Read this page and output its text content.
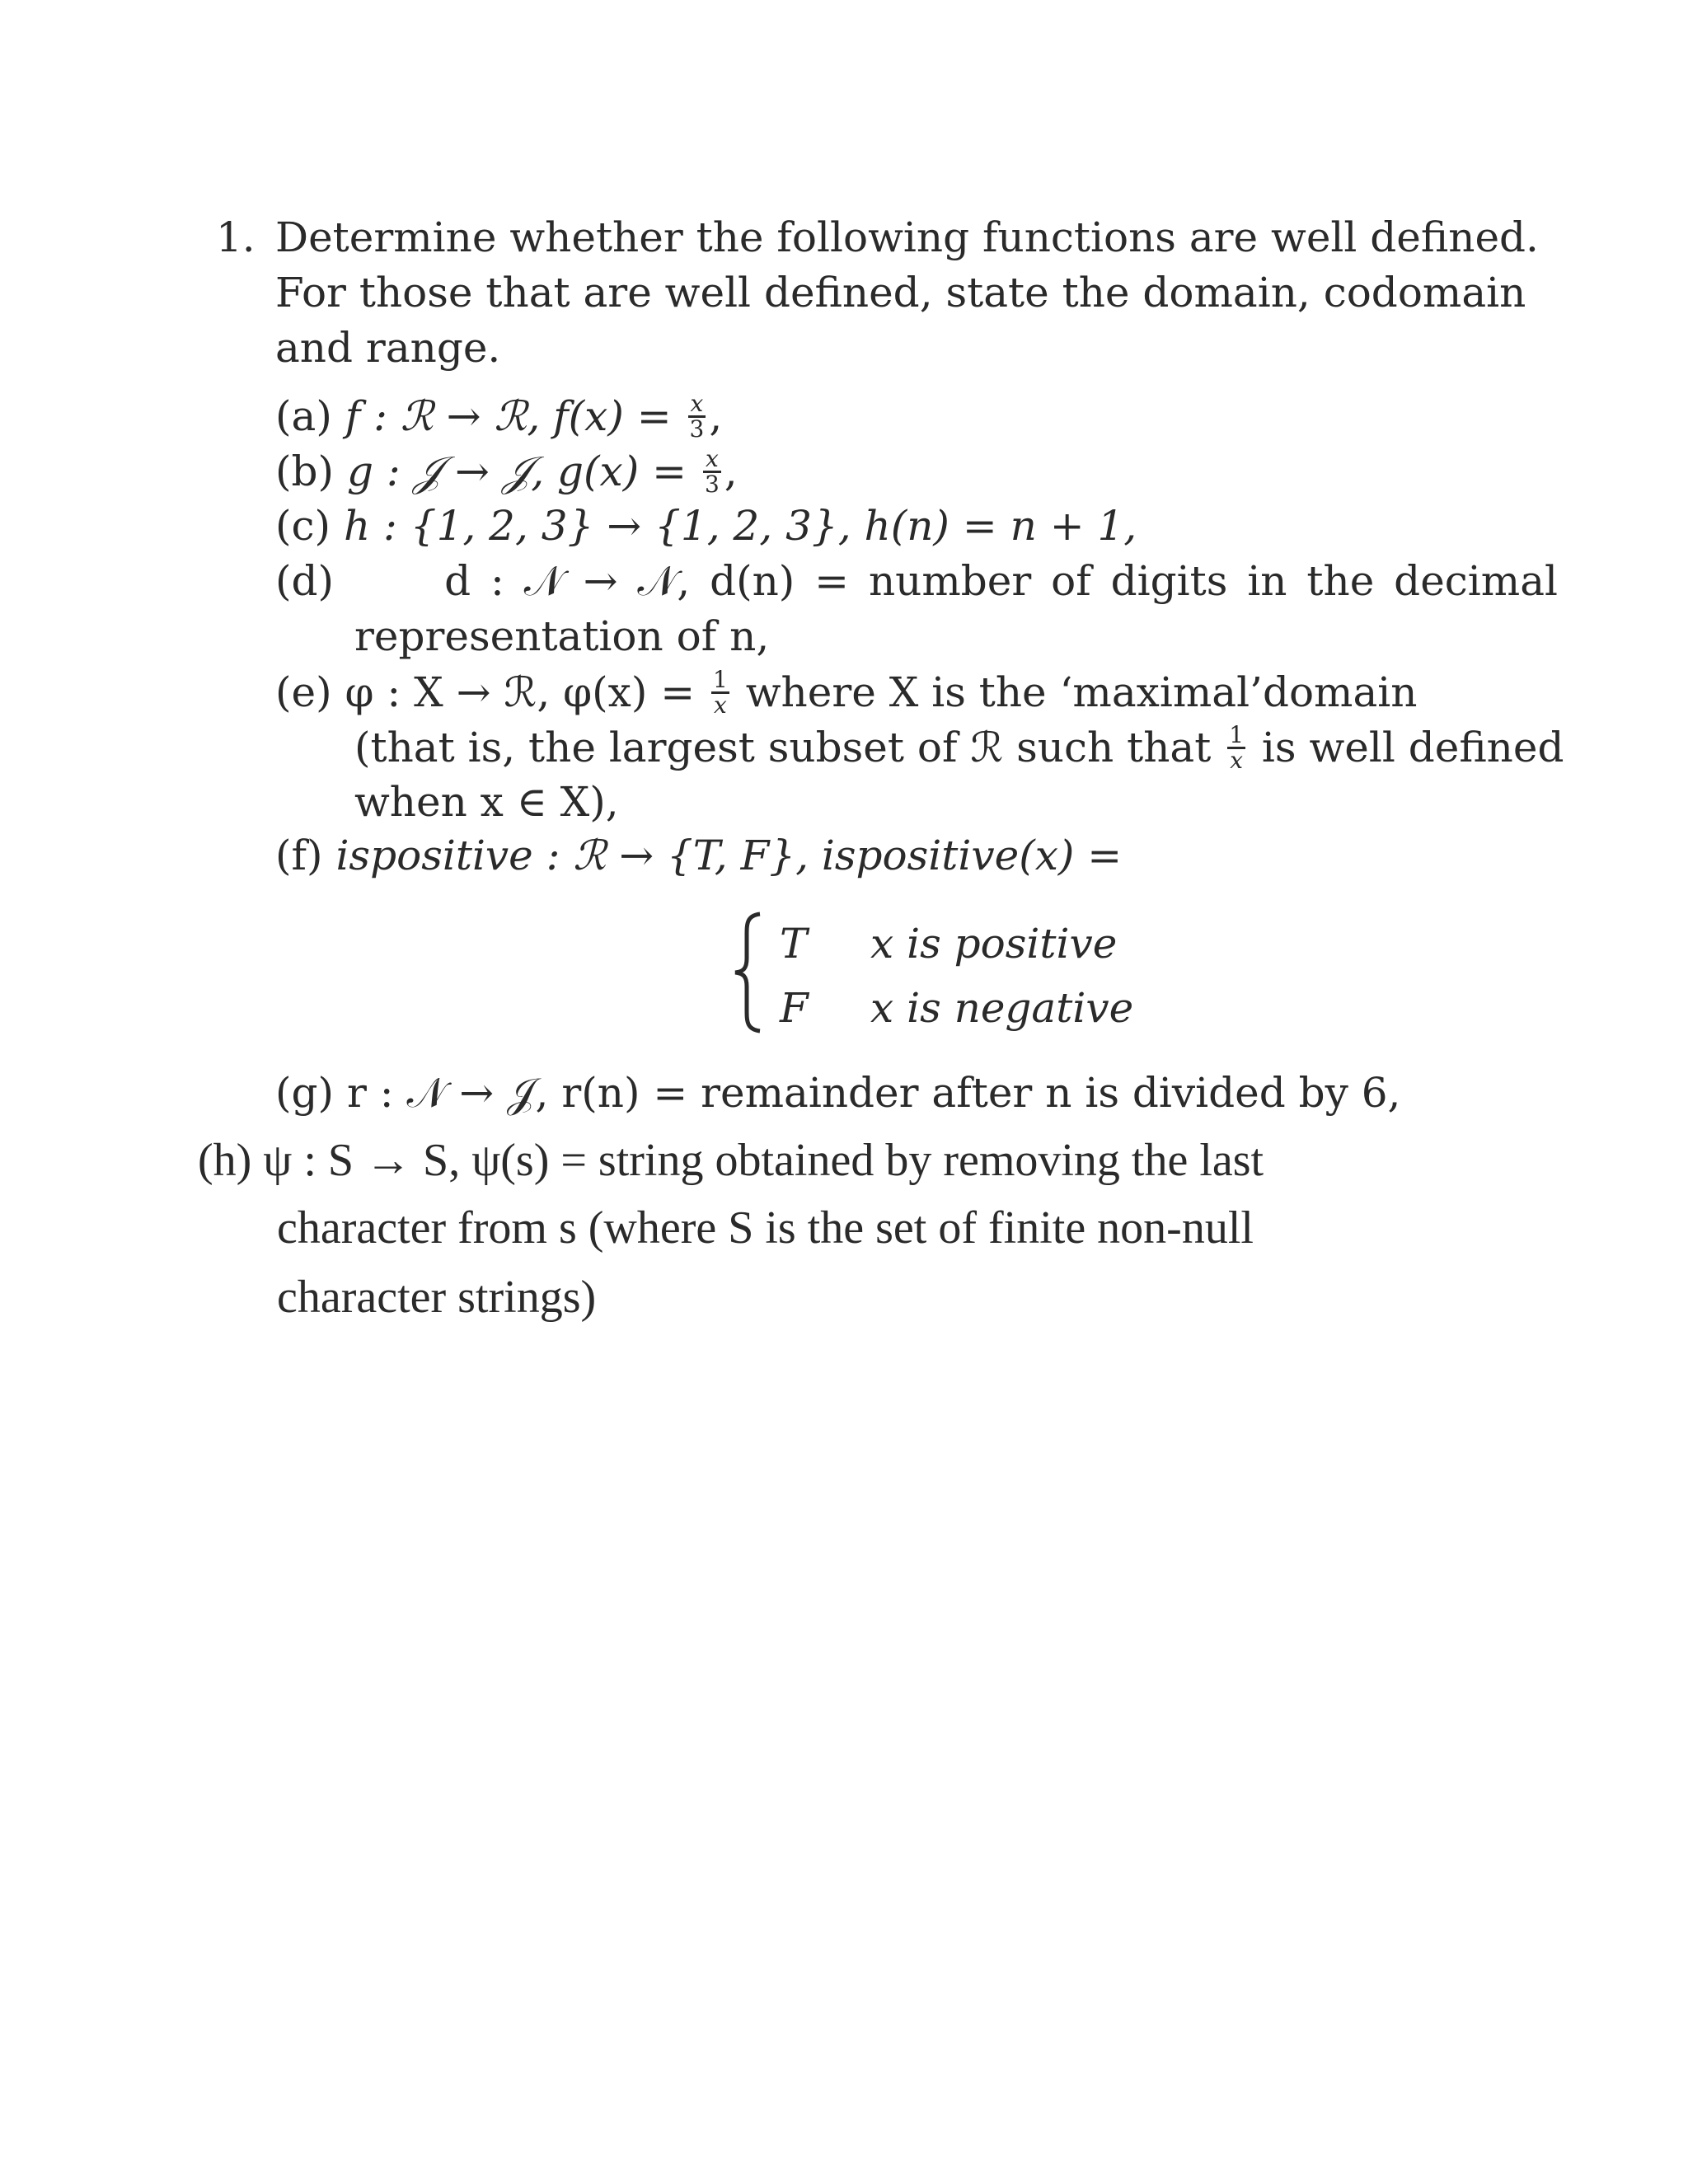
1. Determine whether the following functions are well defined.
For those that are well defined, state the domain, codomain
and range.
(a) f : ℛ → ℛ, $f(x) = \frac{x}{3}$ ,
(b) g : 𝒥 → 𝒥, $g(x) = \frac{x}{3}$ ,
(c) h : {1, 2, 3} → {1, 2, 3}, h(n) = n + 1,
(d)	d : 𝒩 → 𝒩, d(n) = number of digits in the decimal
representation of n,
(e) φ : X → ℛ, $\varphi(x) = \frac{1}{x}$ where X is the ‘maximal’domain
(that is, the largest subset of ℛ such that $\frac{1}{x}$ is well defined
when x ∈ X),
(f) ispositive : ℛ → {T, F}, ispositive(x) =
T x is positive
F x is negative
(g) r : 𝒩 → 𝒥, r(n) = remainder after n is divided by 6,
(h) ψ : S → S, ψ(s) = string obtained by removing the last
character from s (where S is the set of finite non-null
character strings)
